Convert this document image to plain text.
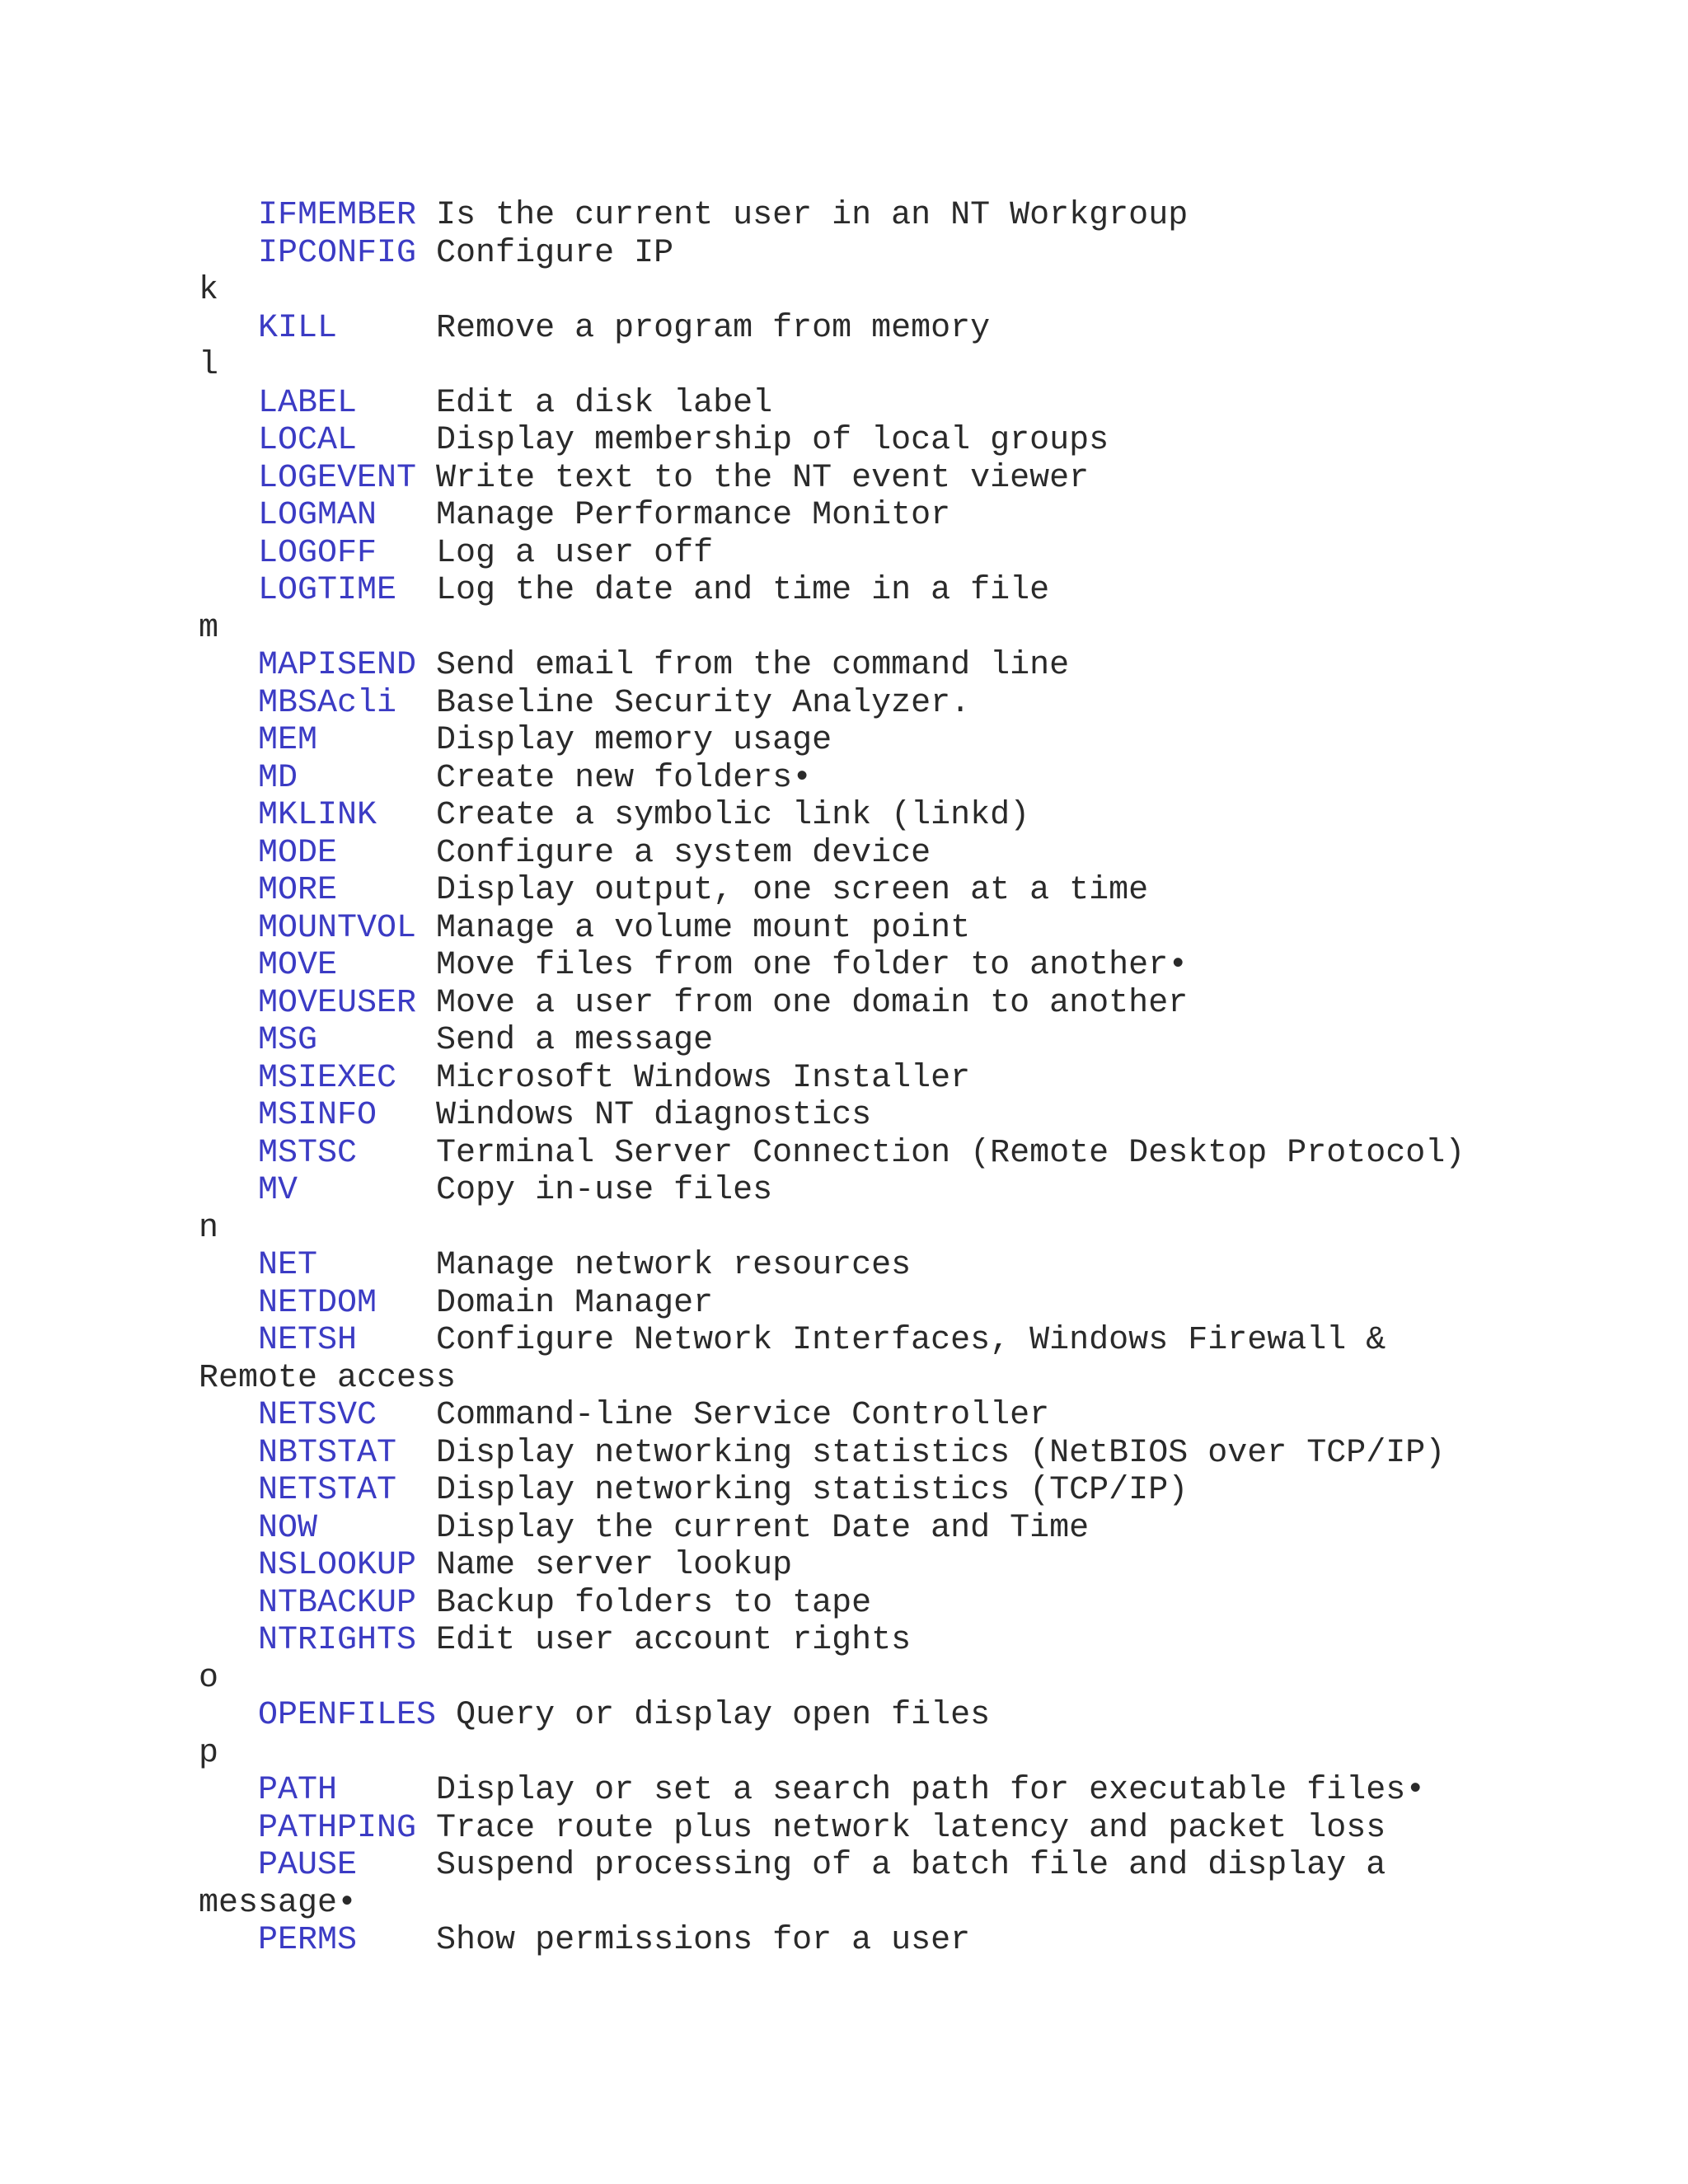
IFMEMBER Is the current user in an NT Workgroup
IPCONFIG Configure IP
k
KILL	Remove a program from memory
l
LABEL Edit a disk label
LOCAL Display membership of local groups
LOGEVENT Write text to the NT event viewer
LOGMAN Manage Performance Monitor
LOGOFF Log a user off
LOGTIME Log the date and time in a file
m
MAPISEND Send email from the command line
MBSAcli Baseline Security Analyzer.
MEM	Display memory usage
MD	Create new folders•
MKLINK Create a symbolic link (linkd)
MODE	Configure a system device
MORE	Display output, one screen at a time
MOUNTVOL Manage a volume mount point
MOVE	Move files from one folder to another•
MOVEUSER Move a user from one domain to another
MSG	Send a message
MSIEXEC Microsoft Windows Installer
MSINFO Windows NT diagnostics
MSTSC Terminal Server Connection (Remote Desktop Protocol)
MV	Copy in-use files
n
NET	Manage network resources
NETDOM Domain Manager
NETSH Configure Network Interfaces, Windows Firewall &
Remote access
NETSVC Command-line Service Controller
NBTSTAT Display networking statistics (NetBIOS over TCP/IP)
NETSTAT Display networking statistics (TCP/IP)
NOW	Display the current Date and Time
NSLOOKUP Name server lookup
NTBACKUP Backup folders to tape
NTRIGHTS Edit user account rights
o
OPENFILES Query or display open files
p
PATH	Display or set a search path for executable files•
PATHPING Trace route plus network latency and packet loss
PAUSE Suspend processing of a batch file and display a
message•
PERMS Show permissions for a user
